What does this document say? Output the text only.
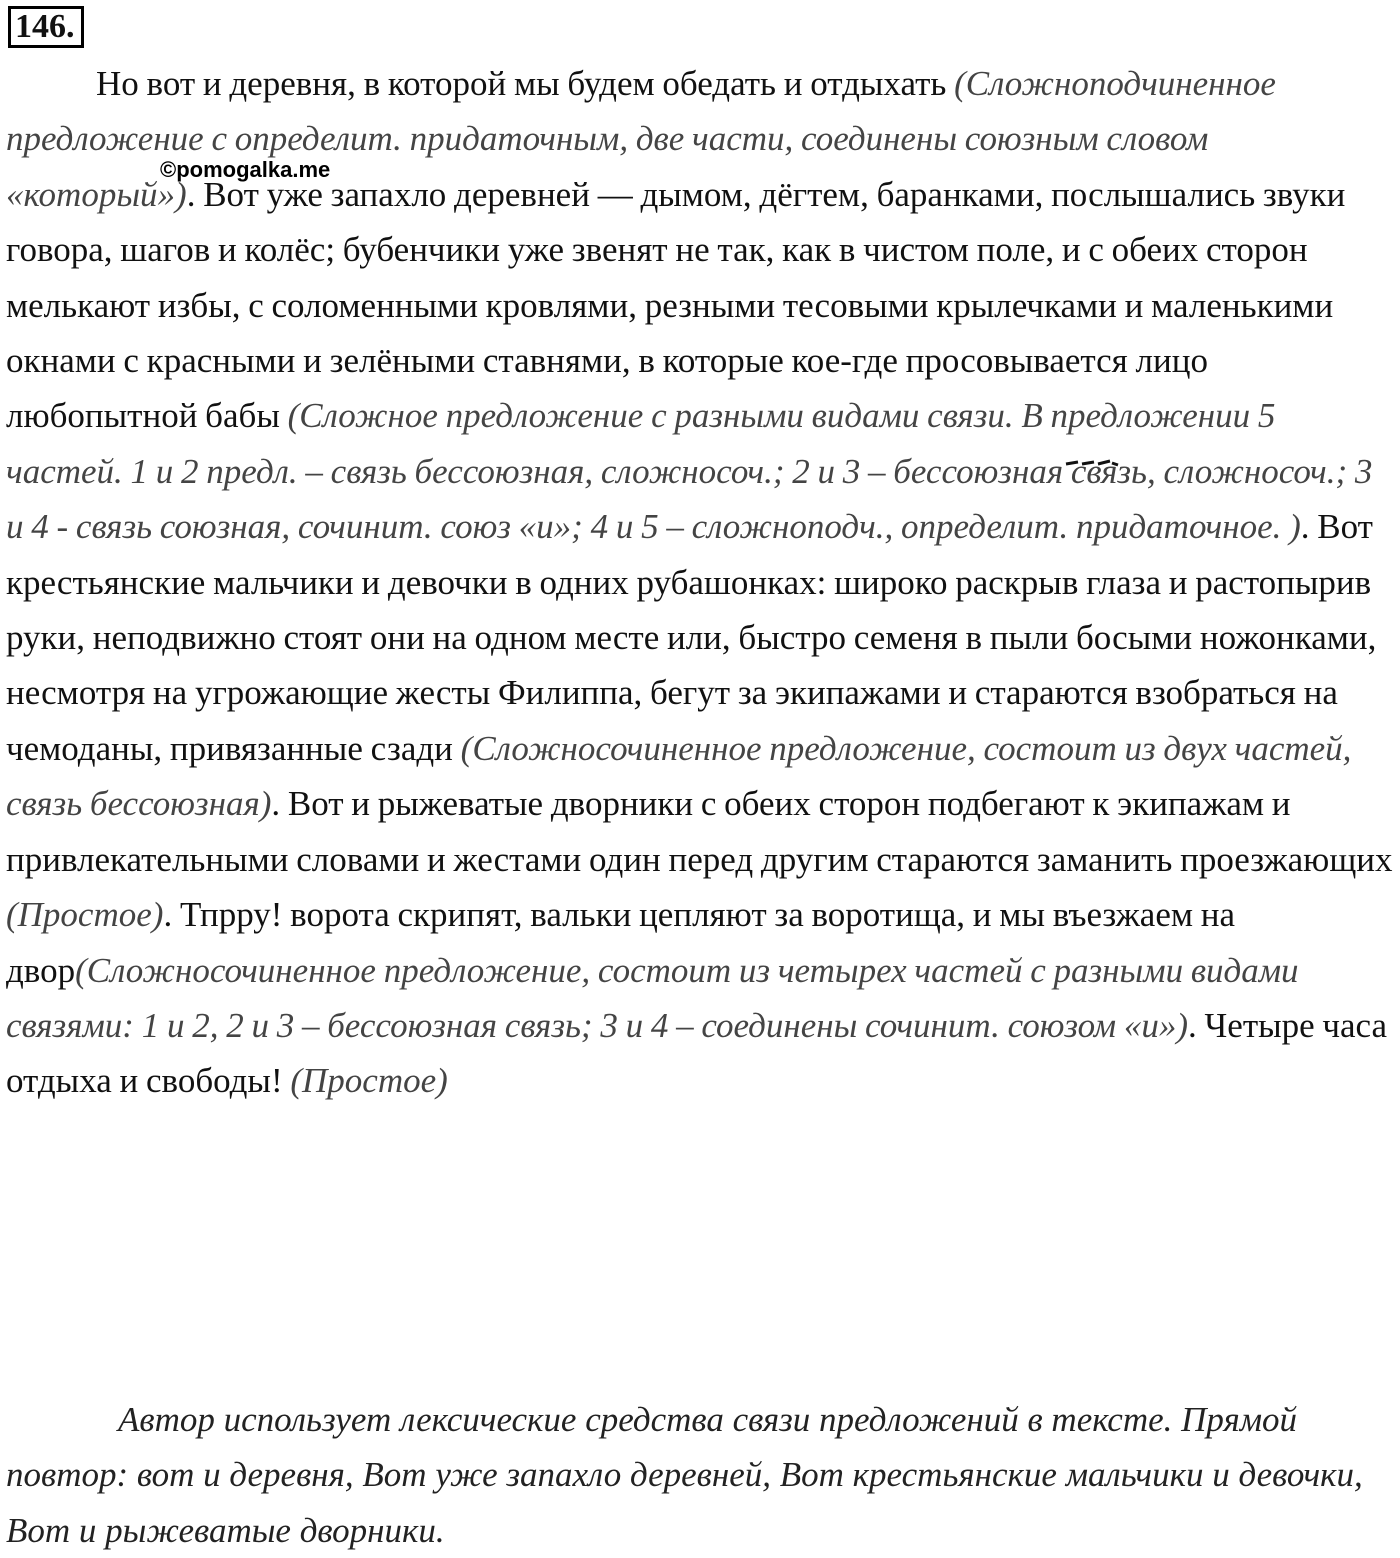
146.
Но вот и деревня, в которой мы будем обедать и отдыхать (Сложноподчиненное предложение с определит. придаточным, две части, соединены союзным словом «который»). Вот уже запахло деревней — дымом, дёгтем, баранками, послышались звуки говора, шагов и колёс; бубенчики уже звенят не так, как в чистом поле, и с обеих сторон мелькают избы, с соломенными кровлями, резными тесовыми крылечками и маленькими окнами с красными и зелёными ставнями, в которые кое-где просовывается лицо любопытной бабы (Сложное предложение с разными видами связи. В предложении 5 частей. 1 и 2 предл. – связь бессоюзная, сложносоч.; 2 и 3 – бессоюзная связь, сложносоч.; 3 и 4 - связь союзная, сочинит. союз «и»; 4 и 5 – сложноподч., определит. придаточное. ). Вот крестьянские мальчики и девочки в одних рубашонках: широко раскрыв глаза и растопырив руки, неподвижно стоят они на одном месте или, быстро семеня в пыли босыми ножонками, несмотря на угрожающие жесты Филиппа, бегут за экипажами и стараются взобраться на чемоданы, привязанные сзади (Сложносочиненное предложение, состоит из двух частей, связь бессоюзная). Вот и рыжеватые дворники с обеих сторон подбегают к экипажам и привлекательными словами и жестами один перед другим стараются заманить проезжающих (Простое). Тпрру! ворота скрипят, вальки цепляют за воротища, и мы въезжаем на двор(Сложносочиненное предложение, состоит из четырех частей с разными видами связями: 1 и 2, 2 и 3 – бессоюзная связь; 3 и 4 – соединены сочинит. союзом «и»). Четыре часа отдыха и свободы! (Простое)
©pomogalka.me
Автор использует лексические средства связи предложений в тексте. Прямой повтор: вот и деревня, Вот уже запахло деревней, Вот крестьянские мальчики и девочки, Вот и рыжеватые дворники.
